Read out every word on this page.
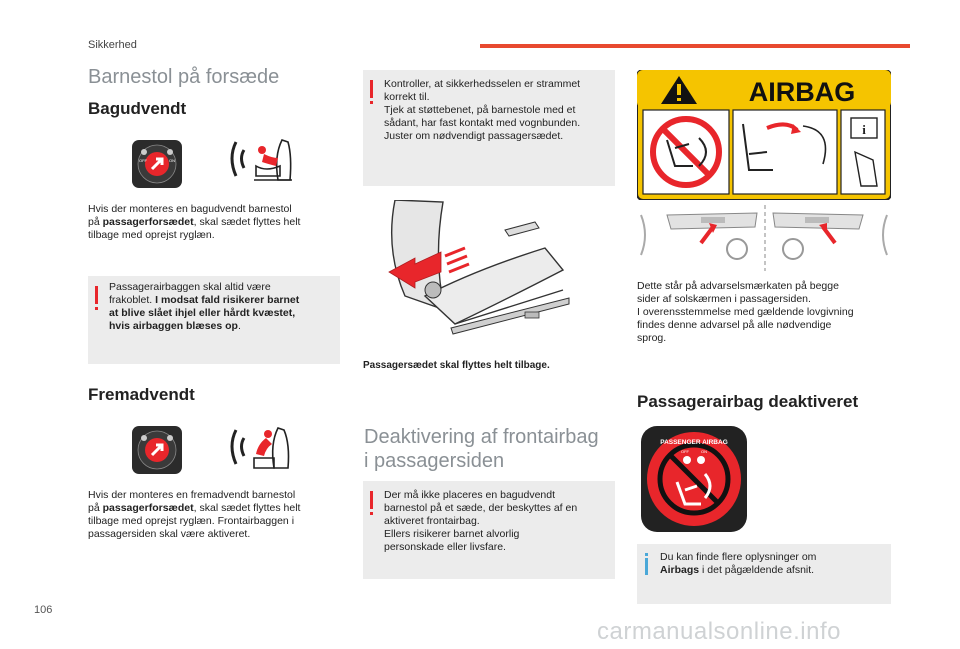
Sikkerhed
Barnestol på forsæde
Bagudvendt
OFF	ON
Hvis der monteres en bagudvendt barnestol
på passagerforsædet, skal sædet flyttes helt
tilbage med oprejst ryglæn.
Passagerairbaggen skal altid være
frakoblet. I modsat fald risikerer barnet
at blive slået ihjel eller hårdt kvæstet,
hvis airbaggen blæses op.
Fremadvendt
Hvis der monteres en fremadvendt barnestol
på passagerforsædet, skal sædet flyttes helt
tilbage med oprejst ryglæn. Frontairbaggen i
passagersiden skal være aktiveret.
Kontroller, at sikkerhedsselen er strammet
korrekt til.
Tjek at støttebenet, på barnestole med et
sådant, har fast kontakt med vognbunden.
Juster om nødvendigt passagersædet.
Passagersædet skal flyttes helt tilbage.
Deaktivering af frontairbag
i passagersiden
Der må ikke placeres en bagudvendt
barnestol på et sæde, der beskyttes af en
aktiveret frontairbag.
Ellers risikerer barnet alvorlig
personskade eller livsfare.
AIRBAG
i
Dette står på advarselsmærkaten på begge
sider af solskærmen i passagersiden.
I overensstemmelse med gældende lovgivning
findes denne advarsel på alle nødvendige
sprog.
Passagerairbag deaktiveret
PASSENGER AIRBAG
OFF	ON
Du kan finde flere oplysninger om
Airbags i det pågældende afsnit.
106
carmanualsonline.info
